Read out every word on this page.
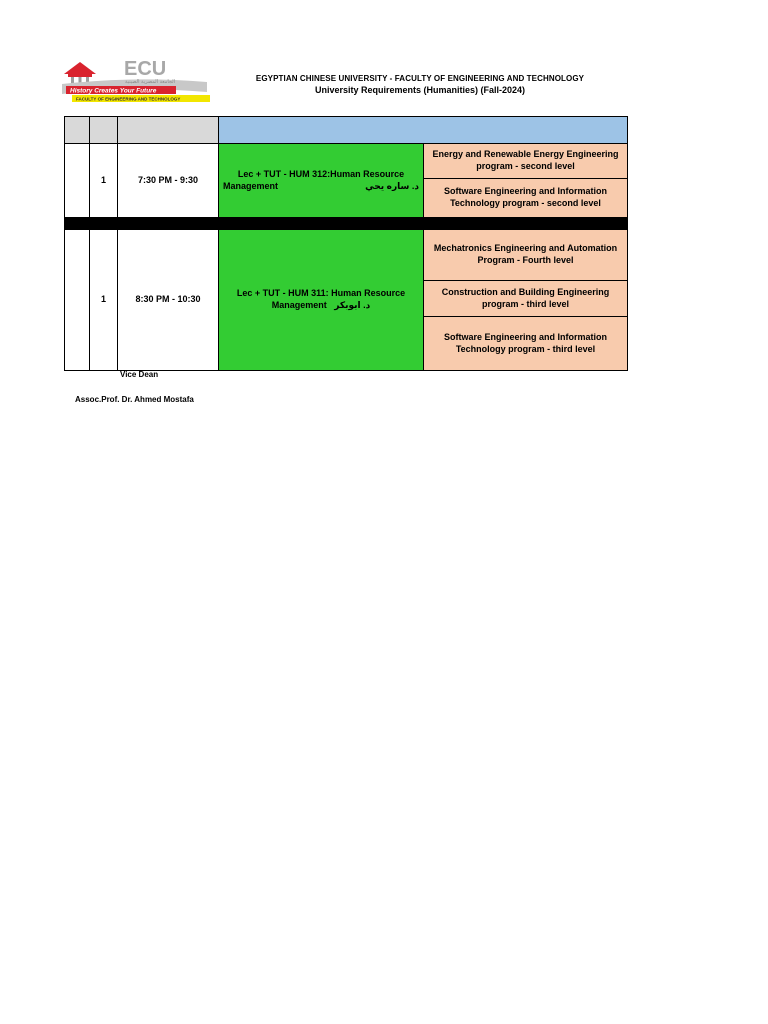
ECU
الجامعة المصرية الصينية
History Creates Your Future
FACULTY OF ENGINEERING AND TECHNOLOGY
EGYPTIAN CHINESE UNIVERSITY - FACULTY OF ENGINEERING AND TECHNOLOGY
University Requirements (Humanities) (Fall-2024)
1	7:30 PM - 9:30
Lec + TUT - HUM 312:Human Resource
Management	د. ساره يحي
Energy and Renewable Energy Engineering program - second level
Software Engineering and Information Technology program - second level
1	8:30 PM - 10:30
Lec + TUT - HUM 311: Human Resource
Management د. ابوبكر
Mechatronics Engineering and Automation Program - Fourth level
Construction and Building Engineering program - third level
Software Engineering and Information Technology program - third level
Vice Dean
Assoc.Prof. Dr. Ahmed Mostafa
